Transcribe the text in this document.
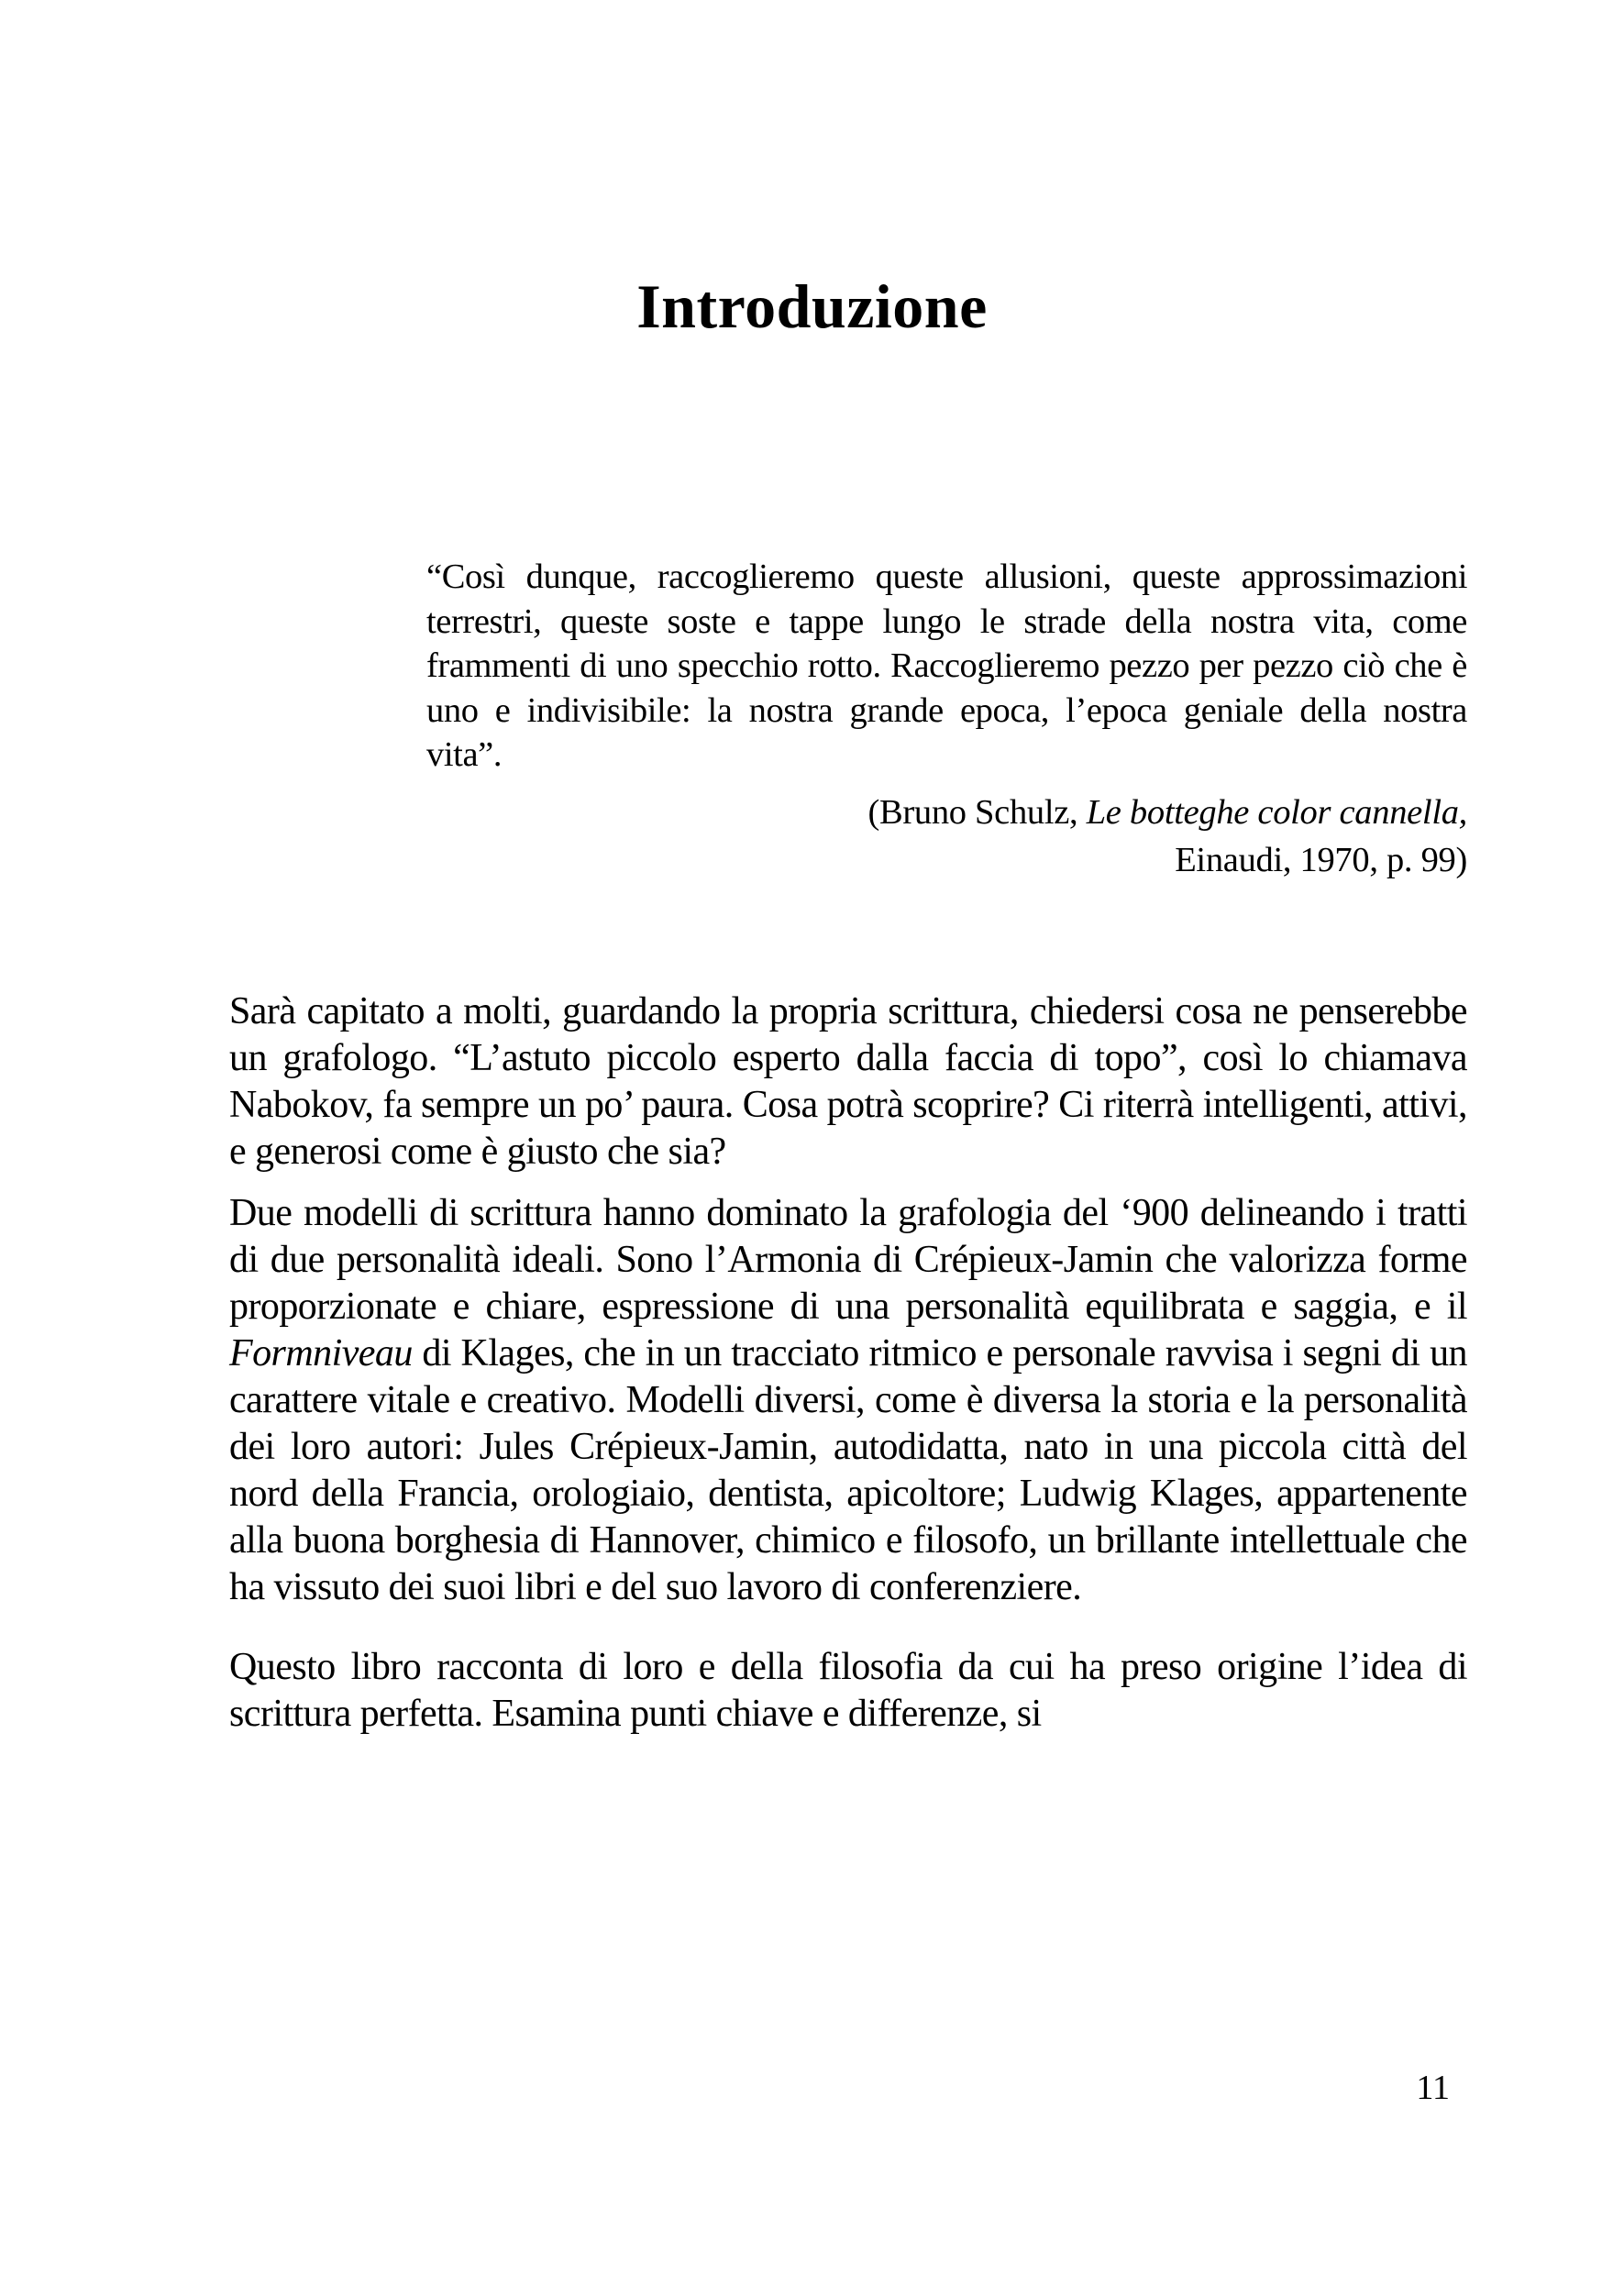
Introduzione

“Così dunque, raccoglieremo queste allusioni, queste approssimazioni terrestri, queste soste e tappe lungo le strade della nostra vita, come frammenti di uno specchio rotto. Raccoglieremo pezzo per pezzo ciò che è uno e indivisibile: la nostra grande epoca, l’epoca geniale della nostra vita”.

(Bruno Schulz, Le botteghe color cannella,
Einaudi, 1970, p. 99)

Sarà capitato a molti, guardando la propria scrittura, chiedersi cosa ne penserebbe un grafologo. “L’astuto piccolo esperto dalla faccia di topo”, così lo chiamava Nabokov, fa sempre un po’ paura. Cosa potrà scoprire? Ci riterrà intelligenti, attivi, e generosi come è giusto che sia?

Due modelli di scrittura hanno dominato la grafologia del ‘900 delineando i tratti di due personalità ideali. Sono l’Armonia di Crépieux-Jamin che valorizza forme proporzionate e chiare, espressione di una personalità equilibrata e saggia, e il Formniveau di Klages, che in un tracciato ritmico e personale ravvisa i segni di un carattere vitale e creativo. Modelli diversi, come è diversa la storia e la personalità dei loro autori: Jules Crépieux-Jamin, autodidatta, nato in una piccola città del nord della Francia, orologiaio, dentista, apicoltore; Ludwig Klages, appartenente alla buona borghesia di Hannover, chimico e filosofo, un brillante intellettuale che ha vissuto dei suoi libri e del suo lavoro di conferenziere.

Questo libro racconta di loro e della filosofia da cui ha preso origine l’idea di scrittura perfetta. Esamina punti chiave e differenze, si

11
